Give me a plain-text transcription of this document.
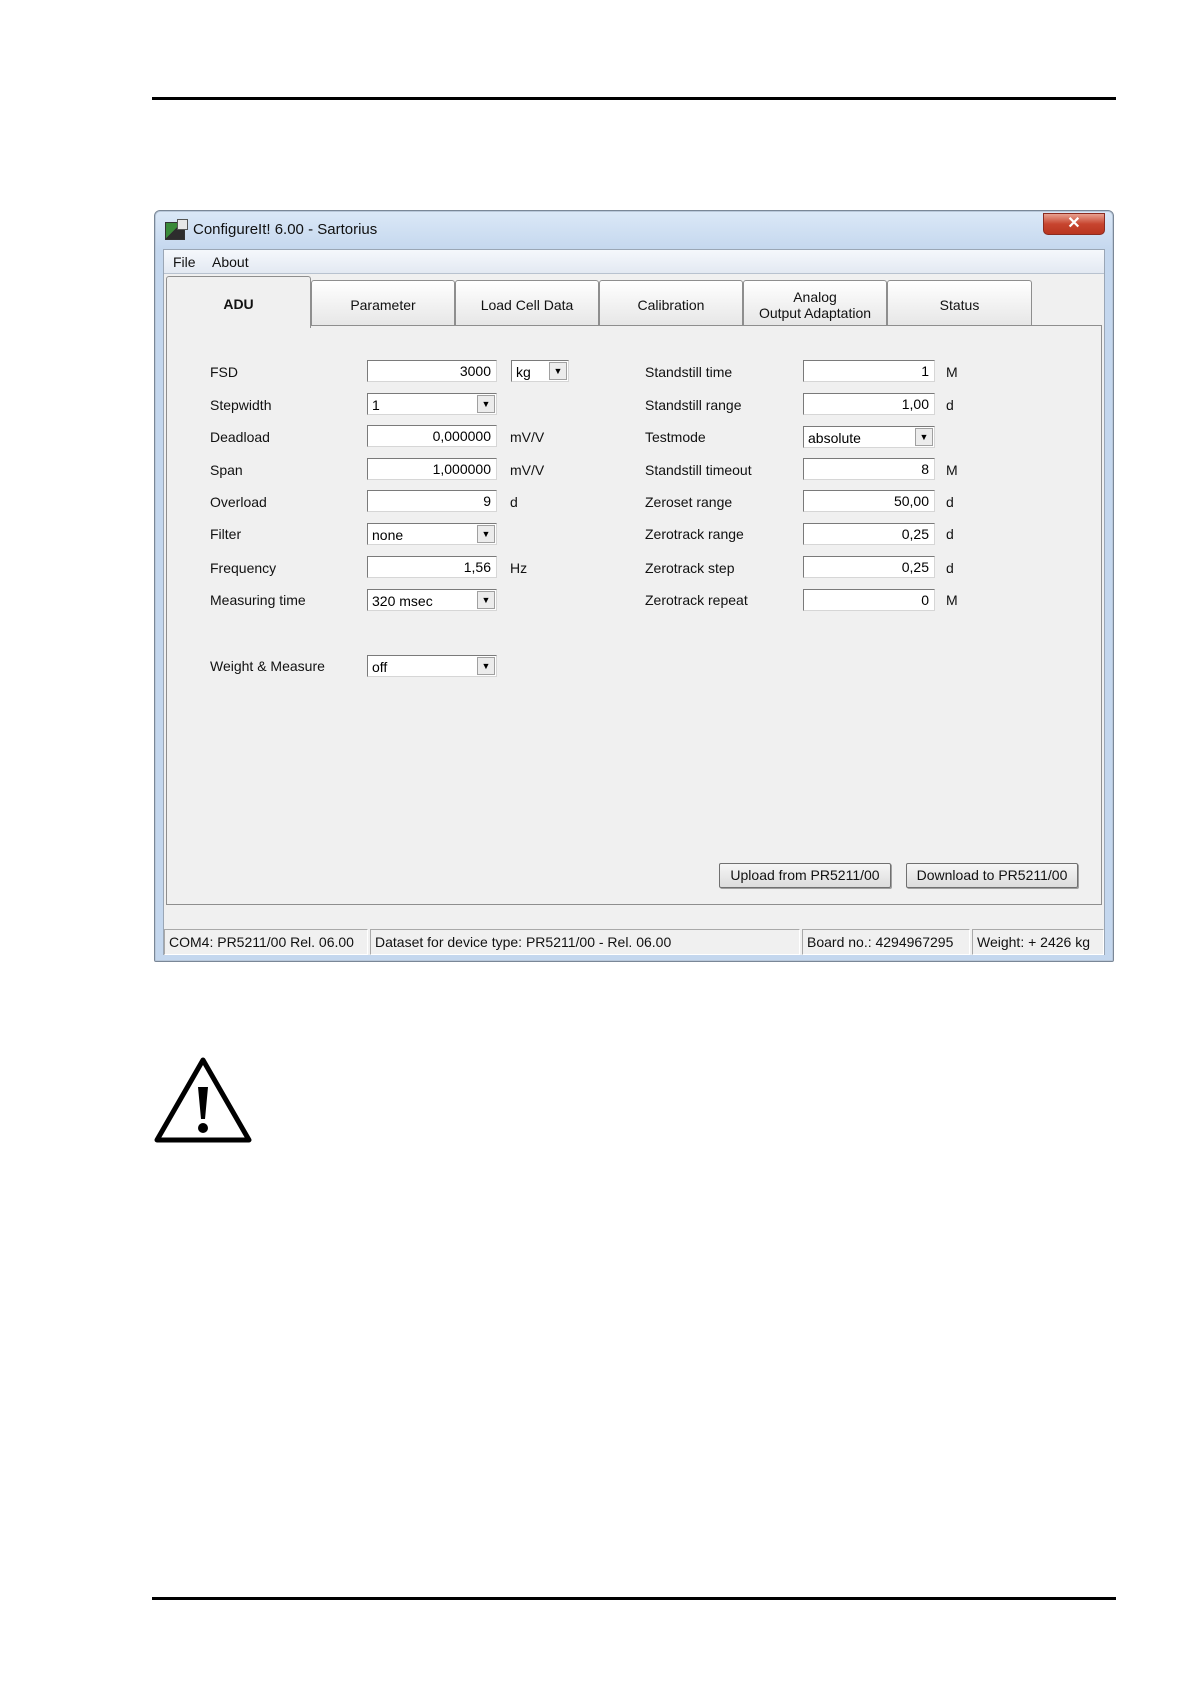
ConfigureIt! 6.00 - Sartorius	✕
File About
ADU	Parameter	Load Cell Data	Calibration	Analog
Output Adaptation	Status
FSD	3000	kg	▼
Stepwidth	1	▼
Deadload	0,000000	mV/V
Span	1,000000	mV/V
Overload	9	d
Filter	none	▼
Frequency	1,56	Hz
Measuring time	320 msec	▼
Weight & Measure	off	▼
Standstill time	1	M
Standstill range	1,00	d
Testmode	absolute	▼
Standstill timeout	8	M
Zeroset range	50,00	d
Zerotrack range	0,25	d
Zerotrack step	0,25	d
Zerotrack repeat	0	M
Upload from PR5211/00	Download to PR5211/00
COM4: PR5211/00 Rel. 06.00	Dataset for device type: PR5211/00 - Rel. 06.00	Board no.: 4294967295	Weight: + 2426 kg
